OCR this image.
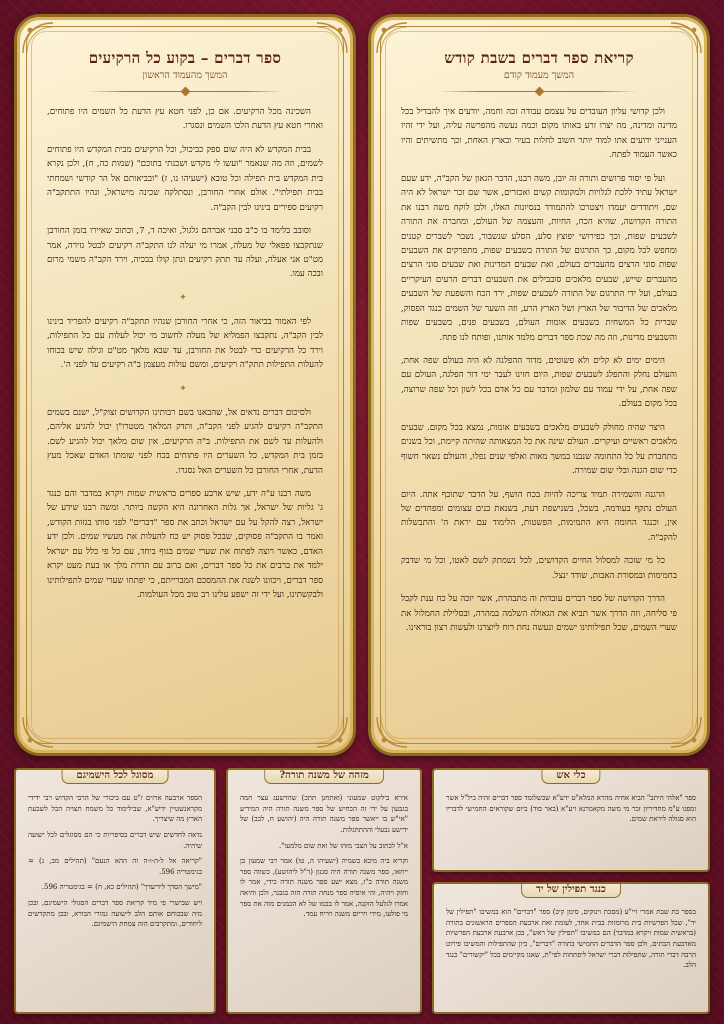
קריאת ספר דברים בשבת קודש
המשך מעמוד קודם

ולכן קדושי עליון העובדים על עצמם עבודה זכה וחמה, יודעים איך להבדיל בכל מדינה ומדינה, מה יצרו זרע באותו מקום וכמה נעשה מהפרשה עליה, ועל ידי זהיו הענייני ידועים אתו למוד יותר חשוב לחלות בעיר ובארץ האחת, וכך מתשיתים והיו כאשר העמוד לפתח.

ועל פי יסוד פרושים ותורה זה יובן, משה רבנו, הדבר הגאון של הקב"ה, ידע שעם ישראל עתיד ללכת לגלויות ולמקומות קשים ואכזרים, אשר שם זכר ישראל לא היה שם, ויתודדים יעמדו ויצטרכו להתמודד בנסיונות האלו, ולכן לוקח משה רבנו את התורה הקדושה, שהיא הכח, החיות, והעצמה של העולם, ומחברה את התורה לשבעים שפות, וכך כפירושי יפוצץ סלע, הסלע שנשבור, נשבר לשברים קטנים ומחפש לכל מקום, כך התרגום של התורה בשבעים שפות, מתפרקים את השבעים שפות סוני הרצים מהעברים בעולם, ואת שבעים המדינות ואת שבעים סוני הרצים מהעברים שייש, שבעים מלאכים סובבילים את השבעים דברים הרעים העיקריים בעולם, ועל ידי התרגום של התורה לשבעים שפות, ירד הכח והשפעת של השבעים מלאכים של הדיבור של הארץ ושל הארץ הרע, וזה השער של השמים כנגד הפסוק, שברית כל המשחית בשבעים אומות העולם, בשבעים פנים, בשבעים שפות והשבעים מדינות, וזה מה שכת ספר דברים מלמד אותנו, ופותח לנו פתח.

הימים ימים לא קלים ולא פשוטים, מדור ההפלגה לא היה בעולם שפה אחת, והעולם נחלק והתפלג לשבעים שפות, היום חזינו לעבר ימי דור הפלגה, העולם עם שפה אחת, על ידי עמוד עם שלמון ומדבר עם כל אדם בכל לשון וכל שפה שרוצה, בכל מקום בעולם.

היצר שהיה מחולק לשבעים מלאכים בשבעים אומות, נמצא בכל מקום. שבעים מלאכים ראשיים ועיקרים. העולם שינה את כל המצאותה שהיתה קיימת, וכל בשנים מתחברת על כל התחומה שנבנו במשך מאות ואלפי שנים נפלו, והעולם נשאר חשוף כדי שום הגנה ובלי שום שמירה.

הרגנה והשמירה תמיד צריכה להיות בכח הושף, על הדבר שתוכף אתה. היום העולם נתקף בעודמה, בשכל, בשנישפת דעת, בשנאת בנים עצומים ומפחדים של אין, וכנגד החומה היא התמימות, הפשטות, הלימוד עם יראת ה' והתבשלות להקב"ה.

כל מי שזכה למסלול החיים הקדושים, לכל נשמתק לשם לאטו, וכל מי שדבק בחמימות ובמסורת האבות, שודד ינצל.

הדרך הקדושה של ספר דברים עובדות וה מתבהרת, אשר יזכה על כח ענת לקבל פי סליחה, וזה הדרך אשר תביא את הגאולה השלמה במהרה, ובסלילת החמלול את שערי השמים, שכל תפילותינו ישמים ונעשה נחת רוח ליוצרנו ולעשות רצון בוראינו.

ספר דברים – בקוע כל הרקיעים
המשך מהעמוד הראשון

השכינה מכל הרקיעים. אם כן, לפני חטא עץ הדעת כל השמים היו פתוחים, ואחרי חטא עץ הדעת הלכו השמים ונסגרו.

בבית המקדש לא היה שום ספק כביכול, וכל הרקיעים מבית המקדש היו פתוחים לשמים, וזה מה שנאמר "ועשו לי מקדש ושכנתי בתוכם" (שמות כה, ח), ולכן נקרא בית המקדש בית תפילה וכל טובא (ישעיהו נו, ז) "ובביאותם אל הר קודשי ושמחתי בבית תפילתי". אולם אחרי החורבן, ונסתלקה שכינה מישראל, ונהיו התתקב"ה רקיעים ספירים ביניגו לבין הקב"ה.

וסובב בלימד בו כ"ב סבני אברהם גלגול, ואיכה ד, 7, וכתוב שאיירו בזמן החורבן שנתקבצו פפאלי של מעלה, אמרו מי יעלה לנו התקב"ה רקיעים לבטל גזירה, אמר מט"ט אני אעלה, ועלה עד תתק רקיעים ונתן קולו בבכיה, וירד הקב"ה משמי מרום ובכה עמו.

✦

לפי האמור בביאור הזה, כי אחרי החורבן שנהיו תתקב"ה רקיעים להפריד בינינו לבין הקב"ה, נתקבצו הפמליא של מעלה לחשוב מי יכול לעלות עם כל התפילות, וירד כל הרקיעים כדי לבטל את החורבן, עד שבא מלאך מט"ט וגילה שיש בכוחו להעלות התפילות תתק"ה רקיעים, ומשם עולות מעצמן ב"ה רקיעים עד לפני ה'.

✦

ולסיכום דברים נדאים אל, שהבאנו בשם רבותינו הקדושים זצוק"ל, ישנם בשמים התקב"ה רקיעים להגיע לפני הקב"ה, ותדק המלאך מטטרו"ן יכול להגיע אליהם, ולהעלות עד לשם את התפילות. ב"ה הרקיעים, אין שום מלאך יכול להגיע לשם. בזמן בית המקדש, כל השערים היו פתוחים בכח לפני שומתו האדם שאכל מעץ הדעת, אחרי החורבן כל השערים האל נסגרו.

משה רבנו ע"ה ידע, שיש ארבע ספרים בראשית שמות ויקרא במדבר והם כנגד ג' גליות של ישראל, אך גלות האחרונה היא הקשה ביותר. ומשה רבנו שידע של ישראל, רצה להקל על עם ישראל וכתב את ספר "דברים" לפני סותו בגזות הקודש, ואמר בו התקב"ה פסוקים, שבכל פסוק יש כח להעלות את מעשיו שמים. ולכן ידע האדם, כאשר רוצה לפתוח את שערי שמים בגוף ביחד, עם כל פי כלל עם ישראל ילמד את ברבים את כל ספר דברים, ואם ברוב עם הדרת מלך או בעת מעט יקרא ספר דברים, ויכוונו לשנת את ההמסכם המברייתם, כי יפתחו שערי שמים לתפילותינו ולבקשתינו, ועל ידי זה ישפע עלינו רב טוב מכל העולמות.

כלי אש

ספר "אלהי היתב" הביא אחיה מהרא המלא"ט ידע"א שכשלומד ספר דברים זהיה ביל"ל אשר ומפגו ע"מ מחדיריון זכר מי משה מקאמרנא זיע"א (באר סוד) ביום שקוראים החמישי לדבריו הוא סגולה ליראת שמים.

כנגד תפילין של יד

בספר בת שבת אמרי זיי"ע (מסכת וינוקים, סימן קיב) ספר "דברים" הוא במשיבו "תפילין של יד", שכל הפרשיות בית מרומזות בבית אחד, לעומת זאת ארבעת הספרים הראשונים בתורה (בראשית שמות ויקרא במדבר) הם במשיבו "תפילין של ראש", בכן ארבעת ארבעת הפרשיות מאדבעת הבתים, ולכן ספר הדברים החמישי בתורה "דברים", כיון שהתפילות והמשיבו פירוט הרבה דברי תורה, שתפילות דברי ישראל ליפתחות לפי"ת, שאנו מקיימים בכל "יקשורים" כנגד הלב.

מזהה של משנה תורה?

אירא בילקוט שמעוני (ואתחנן תתכ) שהדשעג עצר חמה בגבעון על ידי זה הכחיש של ספר משנה תורה היה המידיע "אי"ש בו ייאשר ספר משנה תורה היה (יהושע ח, לבב) של ידישע גבעלי וההתתגלות.

א"ל לכתוב על הצבי מזהו של ואת שום מלמעו".

וקריא ביה מיכא בשמיה (ישעיהו ה, טו) אמר רבי שמעון בן ייחאו, ספר משנה תורה היה סגנון (ר"ל ליהושע), כשווה ספר משנה תורה כ"ז, מצא ישע ספר משנה תורה כידי, אמר לו וחזק ויהיה, והי איסיה ספר מנחה תורה הזה בגבנר, ולכן והיאה אמרו לגלעל הזקנה, אמר לו בכמו של לא הכמנים מזה את ספר מי פולעו, מידי ויריום משנה ויריח עמד.

מסוגל לכל הישמיגם

הספר ארבעה ארזים ז"ט עם ביכורי של הרבי הקדוש רבי ידידי מקראנשטיין ידיע"א, שבילימוד כל משמח תצויה הכל לשבעת הארץ מה שיצריך.

נדאה לחדשים שיש דברים בסיפריות כי הם מסוגלים לכל ישועה שיהיה.

"קריאה אל ל-ה-ו-ה זה ההא הנעם" (תהילים מב, ג) = בגימטריה 596.

"מישך הסדך לידיעדך" (תהילים כא, ח) = בגימטריה 596.

ויש שבישרי פי מיד קריאת ספר דברים הסגולי הישמיגם, ובכן מיה שבכוחם אותם הלב לישועה גמורי הבורא, ובכן מתקדשים ליחודים, ומתקרבים הזה צמחת הישמיגם.
